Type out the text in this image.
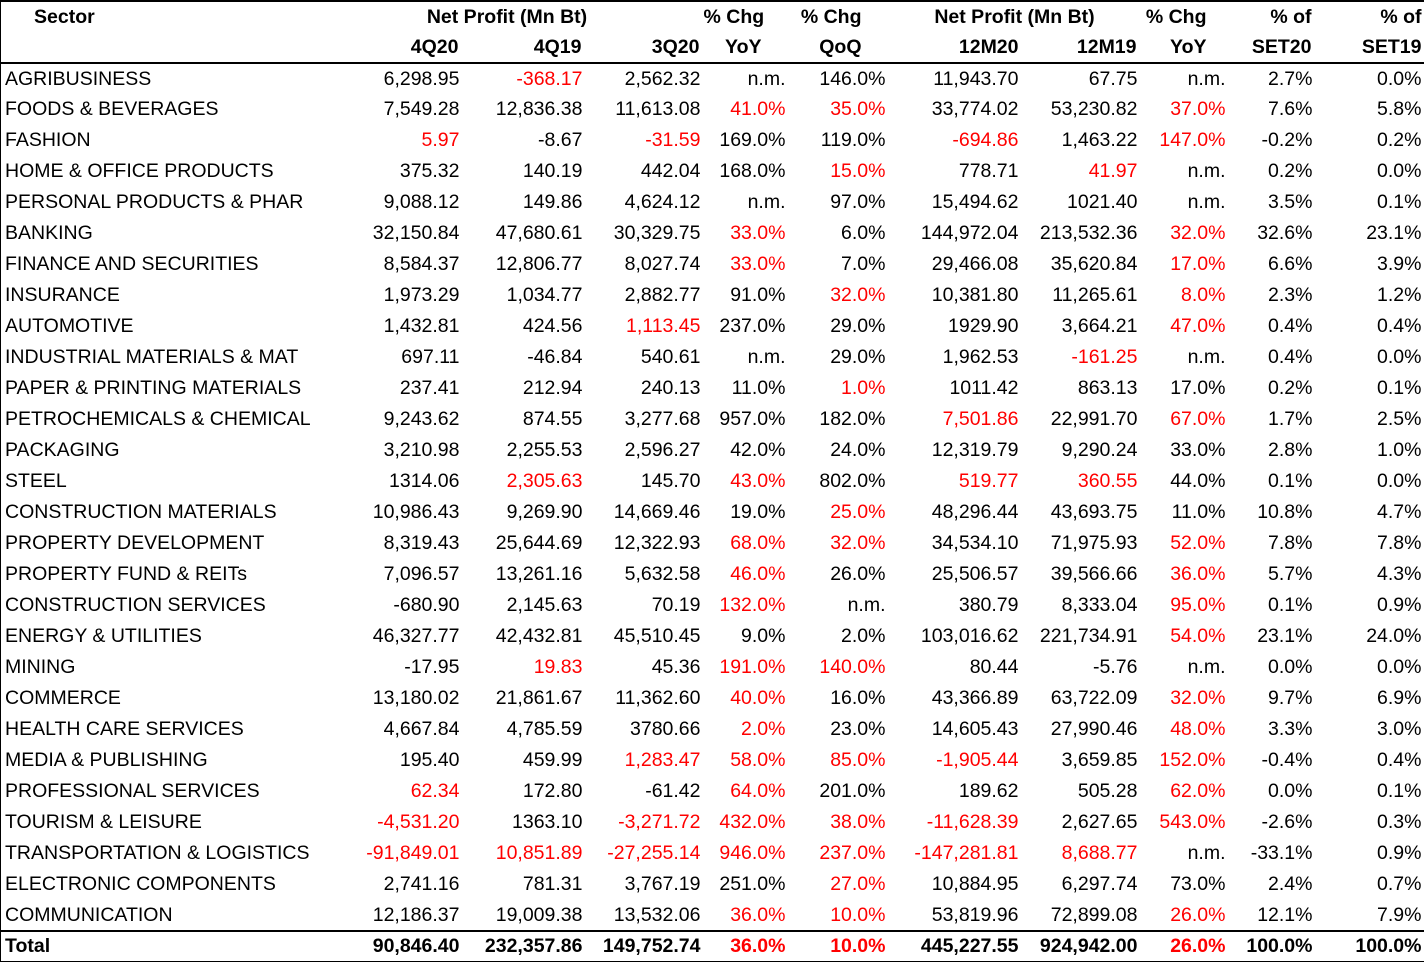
Sector	Net Profit (Mn Bt)			% Chg	% Chg	Net Profit (Mn Bt)		% Chg	% of	% of
	4Q20	4Q19	3Q20	YoY	QoQ	12M20	12M19	YoY	SET20	SET19
AGRIBUSINESS	6,298.95	-368.17	2,562.32	n.m.	146.0%	11,943.70	67.75	n.m.	2.7%	0.0%
FOODS & BEVERAGES	7,549.28	12,836.38	11,613.08	41.0%	35.0%	33,774.02	53,230.82	37.0%	7.6%	5.8%
FASHION	5.97	-8.67	-31.59	169.0%	119.0%	-694.86	1,463.22	147.0%	-0.2%	0.2%
HOME & OFFICE PRODUCTS	375.32	140.19	442.04	168.0%	15.0%	778.71	41.97	n.m.	0.2%	0.0%
PERSONAL PRODUCTS & PHAR	9,088.12	149.86	4,624.12	n.m.	97.0%	15,494.62	1021.40	n.m.	3.5%	0.1%
BANKING	32,150.84	47,680.61	30,329.75	33.0%	6.0%	144,972.04	213,532.36	32.0%	32.6%	23.1%
FINANCE AND SECURITIES	8,584.37	12,806.77	8,027.74	33.0%	7.0%	29,466.08	35,620.84	17.0%	6.6%	3.9%
INSURANCE	1,973.29	1,034.77	2,882.77	91.0%	32.0%	10,381.80	11,265.61	8.0%	2.3%	1.2%
AUTOMOTIVE	1,432.81	424.56	1,113.45	237.0%	29.0%	1929.90	3,664.21	47.0%	0.4%	0.4%
INDUSTRIAL MATERIALS & MAT	697.11	-46.84	540.61	n.m.	29.0%	1,962.53	-161.25	n.m.	0.4%	0.0%
PAPER & PRINTING MATERIALS	237.41	212.94	240.13	11.0%	1.0%	1011.42	863.13	17.0%	0.2%	0.1%
PETROCHEMICALS & CHEMICAL	9,243.62	874.55	3,277.68	957.0%	182.0%	7,501.86	22,991.70	67.0%	1.7%	2.5%
PACKAGING	3,210.98	2,255.53	2,596.27	42.0%	24.0%	12,319.79	9,290.24	33.0%	2.8%	1.0%
STEEL	1314.06	2,305.63	145.70	43.0%	802.0%	519.77	360.55	44.0%	0.1%	0.0%
CONSTRUCTION MATERIALS	10,986.43	9,269.90	14,669.46	19.0%	25.0%	48,296.44	43,693.75	11.0%	10.8%	4.7%
PROPERTY DEVELOPMENT	8,319.43	25,644.69	12,322.93	68.0%	32.0%	34,534.10	71,975.93	52.0%	7.8%	7.8%
PROPERTY FUND & REITs	7,096.57	13,261.16	5,632.58	46.0%	26.0%	25,506.57	39,566.66	36.0%	5.7%	4.3%
CONSTRUCTION SERVICES	-680.90	2,145.63	70.19	132.0%	n.m.	380.79	8,333.04	95.0%	0.1%	0.9%
ENERGY & UTILITIES	46,327.77	42,432.81	45,510.45	9.0%	2.0%	103,016.62	221,734.91	54.0%	23.1%	24.0%
MINING	-17.95	19.83	45.36	191.0%	140.0%	80.44	-5.76	n.m.	0.0%	0.0%
COMMERCE	13,180.02	21,861.67	11,362.60	40.0%	16.0%	43,366.89	63,722.09	32.0%	9.7%	6.9%
HEALTH CARE SERVICES	4,667.84	4,785.59	3780.66	2.0%	23.0%	14,605.43	27,990.46	48.0%	3.3%	3.0%
MEDIA & PUBLISHING	195.40	459.99	1,283.47	58.0%	85.0%	-1,905.44	3,659.85	152.0%	-0.4%	0.4%
PROFESSIONAL SERVICES	62.34	172.80	-61.42	64.0%	201.0%	189.62	505.28	62.0%	0.0%	0.1%
TOURISM & LEISURE	-4,531.20	1363.10	-3,271.72	432.0%	38.0%	-11,628.39	2,627.65	543.0%	-2.6%	0.3%
TRANSPORTATION & LOGISTICS	-91,849.01	10,851.89	-27,255.14	946.0%	237.0%	-147,281.81	8,688.77	n.m.	-33.1%	0.9%
ELECTRONIC COMPONENTS	2,741.16	781.31	3,767.19	251.0%	27.0%	10,884.95	6,297.74	73.0%	2.4%	0.7%
COMMUNICATION	12,186.37	19,009.38	13,532.06	36.0%	10.0%	53,819.96	72,899.08	26.0%	12.1%	7.9%
Total	90,846.40	232,357.86	149,752.74	36.0%	10.0%	445,227.55	924,942.00	26.0%	100.0%	100.0%
